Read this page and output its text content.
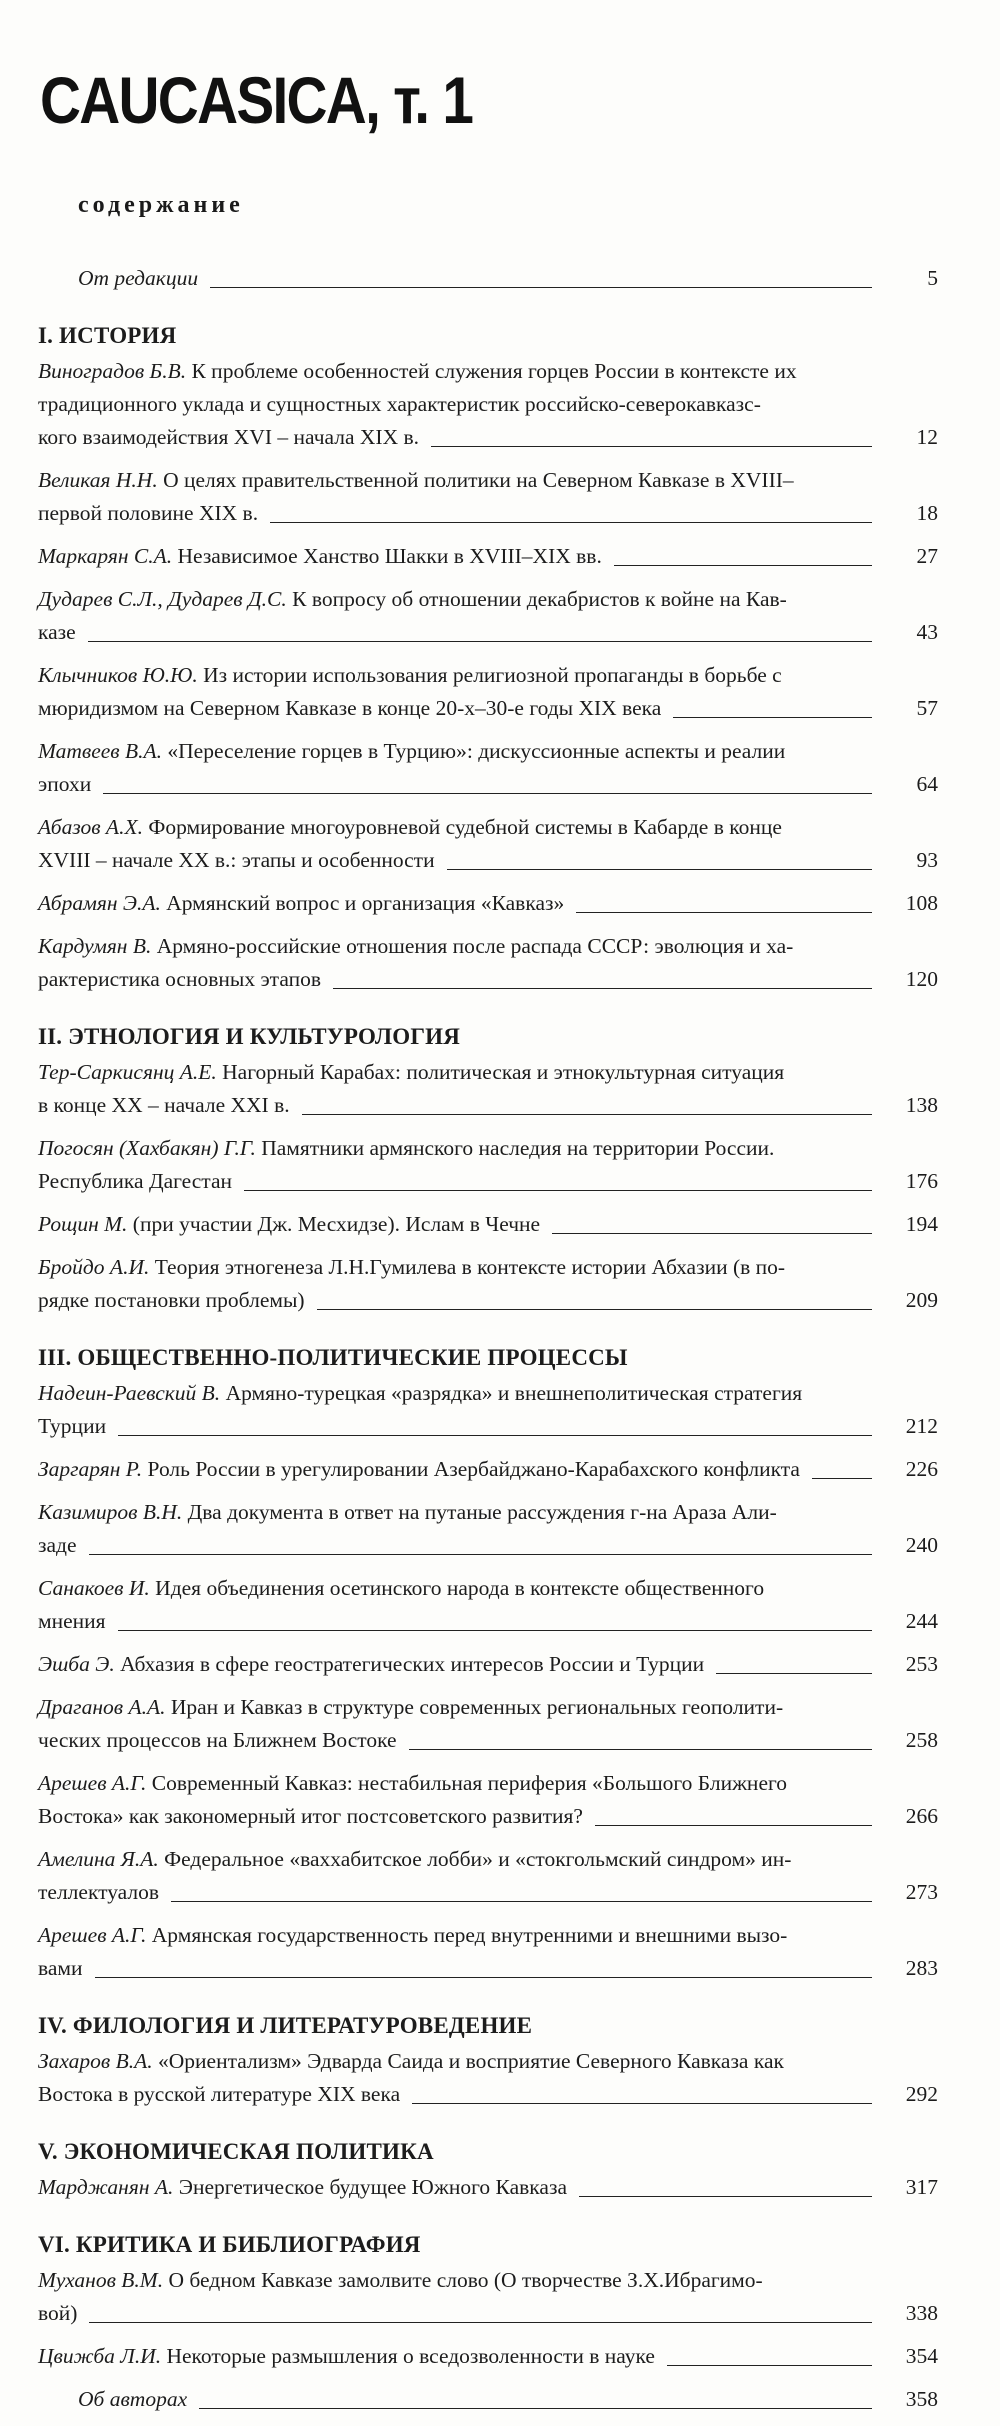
CAUCASICA, т. 1
содержание
От редакции	5
I. ИСТОРИЯ
Виноградов Б.В. К проблеме особенностей служения горцев России в контексте их
традиционного уклада и сущностных характеристик российско-северокавказс-
кого взаимодействия XVI – начала XIX в.	12
Великая Н.Н. О целях правительственной политики на Северном Кавказе в XVIII–
первой половине XIX в.	18
Маркарян С.А. Независимое Ханство Шакки в XVIII–XIX вв.	27
Дударев С.Л., Дударев Д.С. К вопросу об отношении декабристов к войне на Кав-
казе	43
Клычников Ю.Ю. Из истории использования религиозной пропаганды в борьбе с
мюридизмом на Северном Кавказе в конце 20-х–30-е годы XIX века	57
Матвеев В.А. «Переселение горцев в Турцию»: дискуссионные аспекты и реалии
эпохи	64
Абазов А.Х. Формирование многоуровневой судебной системы в Кабарде в конце
XVIII – начале XX в.: этапы и особенности	93
Абрамян Э.А. Армянский вопрос и организация «Кавказ»	108
Кардумян В. Армяно-российские отношения после распада СССР: эволюция и ха-
рактеристика основных этапов	120
II. ЭТНОЛОГИЯ И КУЛЬТУРОЛОГИЯ
Тер-Саркисянц А.Е. Нагорный Карабах: политическая и этнокультурная ситуация
в конце XX – начале XXI в.	138
Погосян (Хахбакян) Г.Г. Памятники армянского наследия на территории России.
Республика Дагестан	176
Рощин М. (при участии Дж. Месхидзе). Ислам в Чечне	194
Бройдо А.И. Теория этногенеза Л.Н.Гумилева в контексте истории Абхазии (в по-
рядке постановки проблемы)	209
III. ОБЩЕСТВЕННО-ПОЛИТИЧЕСКИЕ ПРОЦЕССЫ
Надеин-Раевский В. Армяно-турецкая «разрядка» и внешнеполитическая стратегия
Турции	212
Заргарян Р. Роль России в урегулировании Азербайджано-Карабахского конфликта	226
Казимиров В.Н. Два документа в ответ на путаные рассуждения г-на Араза Али-
заде	240
Санакоев И. Идея объединения осетинского народа в контексте общественного
мнения	244
Эшба Э. Абхазия в сфере геостратегических интересов России и Турции	253
Драганов А.А. Иран и Кавказ в структуре современных региональных геополити-
ческих процессов на Ближнем Востоке	258
Арешев А.Г. Современный Кавказ: нестабильная периферия «Большого Ближнего
Востока» как закономерный итог постсоветского развития?	266
Амелина Я.А. Федеральное «ваххабитское лобби» и «стокгольмский синдром» ин-
теллектуалов	273
Арешев А.Г. Армянская государственность перед внутренними и внешними вызо-
вами	283
IV. ФИЛОЛОГИЯ И ЛИТЕРАТУРОВЕДЕНИЕ
Захаров В.А. «Ориентализм» Эдварда Саида и восприятие Северного Кавказа как
Востока в русской литературе XIX века	292
V. ЭКОНОМИЧЕСКАЯ ПОЛИТИКА
Марджанян А. Энергетическое будущее Южного Кавказа	317
VI. КРИТИКА И БИБЛИОГРАФИЯ
Муханов В.М. О бедном Кавказе замолвите слово (О творчестве З.Х.Ибрагимо-
вой)	338
Цвижба Л.И. Некоторые размышления о вседозволенности в науке	354
Об авторах	358
